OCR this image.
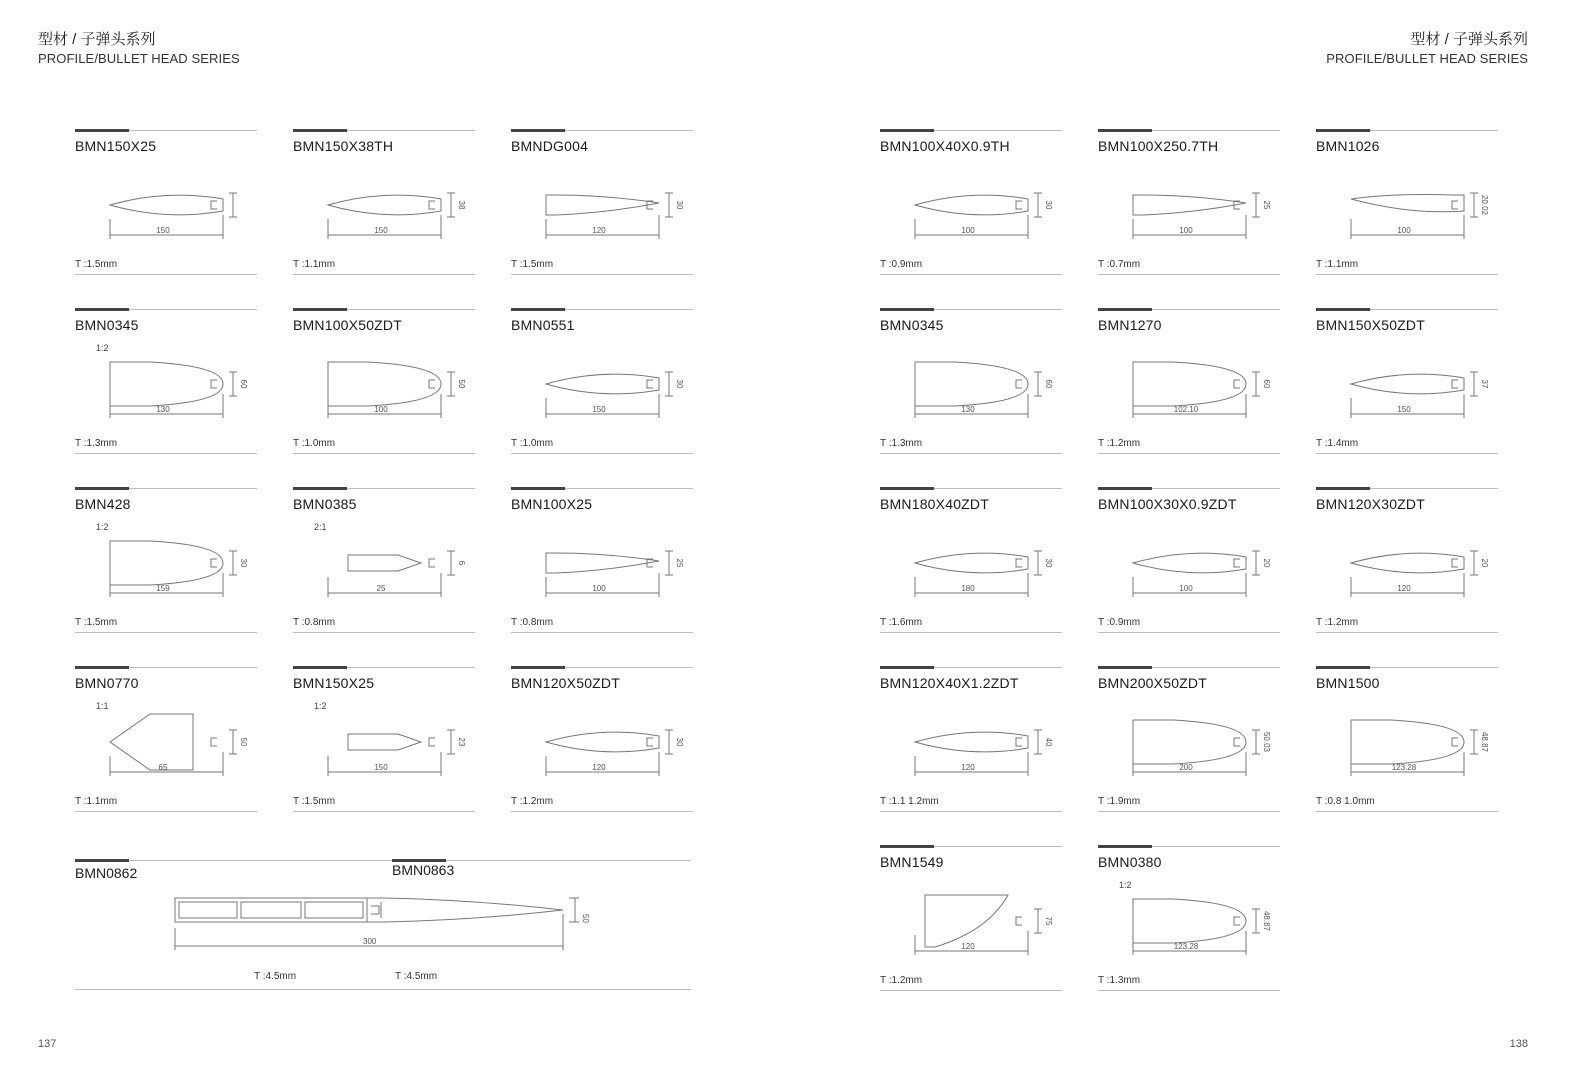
型材 / 子弹头系列
PROFILE/BULLET HEAD SERIES
型材 / 子弹头系列
PROFILE/BULLET HEAD SERIES
BMN150X25
150
T :1.5mm
BMN150X38TH
150
38
T :1.1mm
BMNDG004
120
30
T :1.5mm
BMN0345
1:2
130
60
T :1.3mm
BMN100X50ZDT
100
50
T :1.0mm
BMN0551
150
30
T :1.0mm
BMN428
1:2
159
30
T :1.5mm
BMN0385
2:1
25
6
T :0.8mm
BMN100X25
100
25
T :0.8mm
BMN0770
1:1
65
50
T :1.1mm
BMN150X25
1:2
150
23
T :1.5mm
BMN120X50ZDT
120
30
T :1.2mm
BMN100X40X0.9TH
100
30
T :0.9mm
BMN100X250.7TH
100
25
T :0.7mm
BMN1026
100
20.02
T :1.1mm
BMN0345
130
60
T :1.3mm
BMN1270
102.10
60
T :1.2mm
BMN150X50ZDT
150
37
T :1.4mm
BMN180X40ZDT
180
30
T :1.6mm
BMN100X30X0.9ZDT
100
20
T :0.9mm
BMN120X30ZDT
120
20
T :1.2mm
BMN120X40X1.2ZDT
120
40
T :1.1 1.2mm
BMN200X50ZDT
200
50.03
T :1.9mm
BMN1500
123.28
48.87
T :0.8 1.0mm
BMN1549
120
75
T :1.2mm
BMN0380
1:2
123.28
48.87
T :1.3mm
BMN0862	BMN0863
300
50
T :4.5mm	T :4.5mm
137	138
